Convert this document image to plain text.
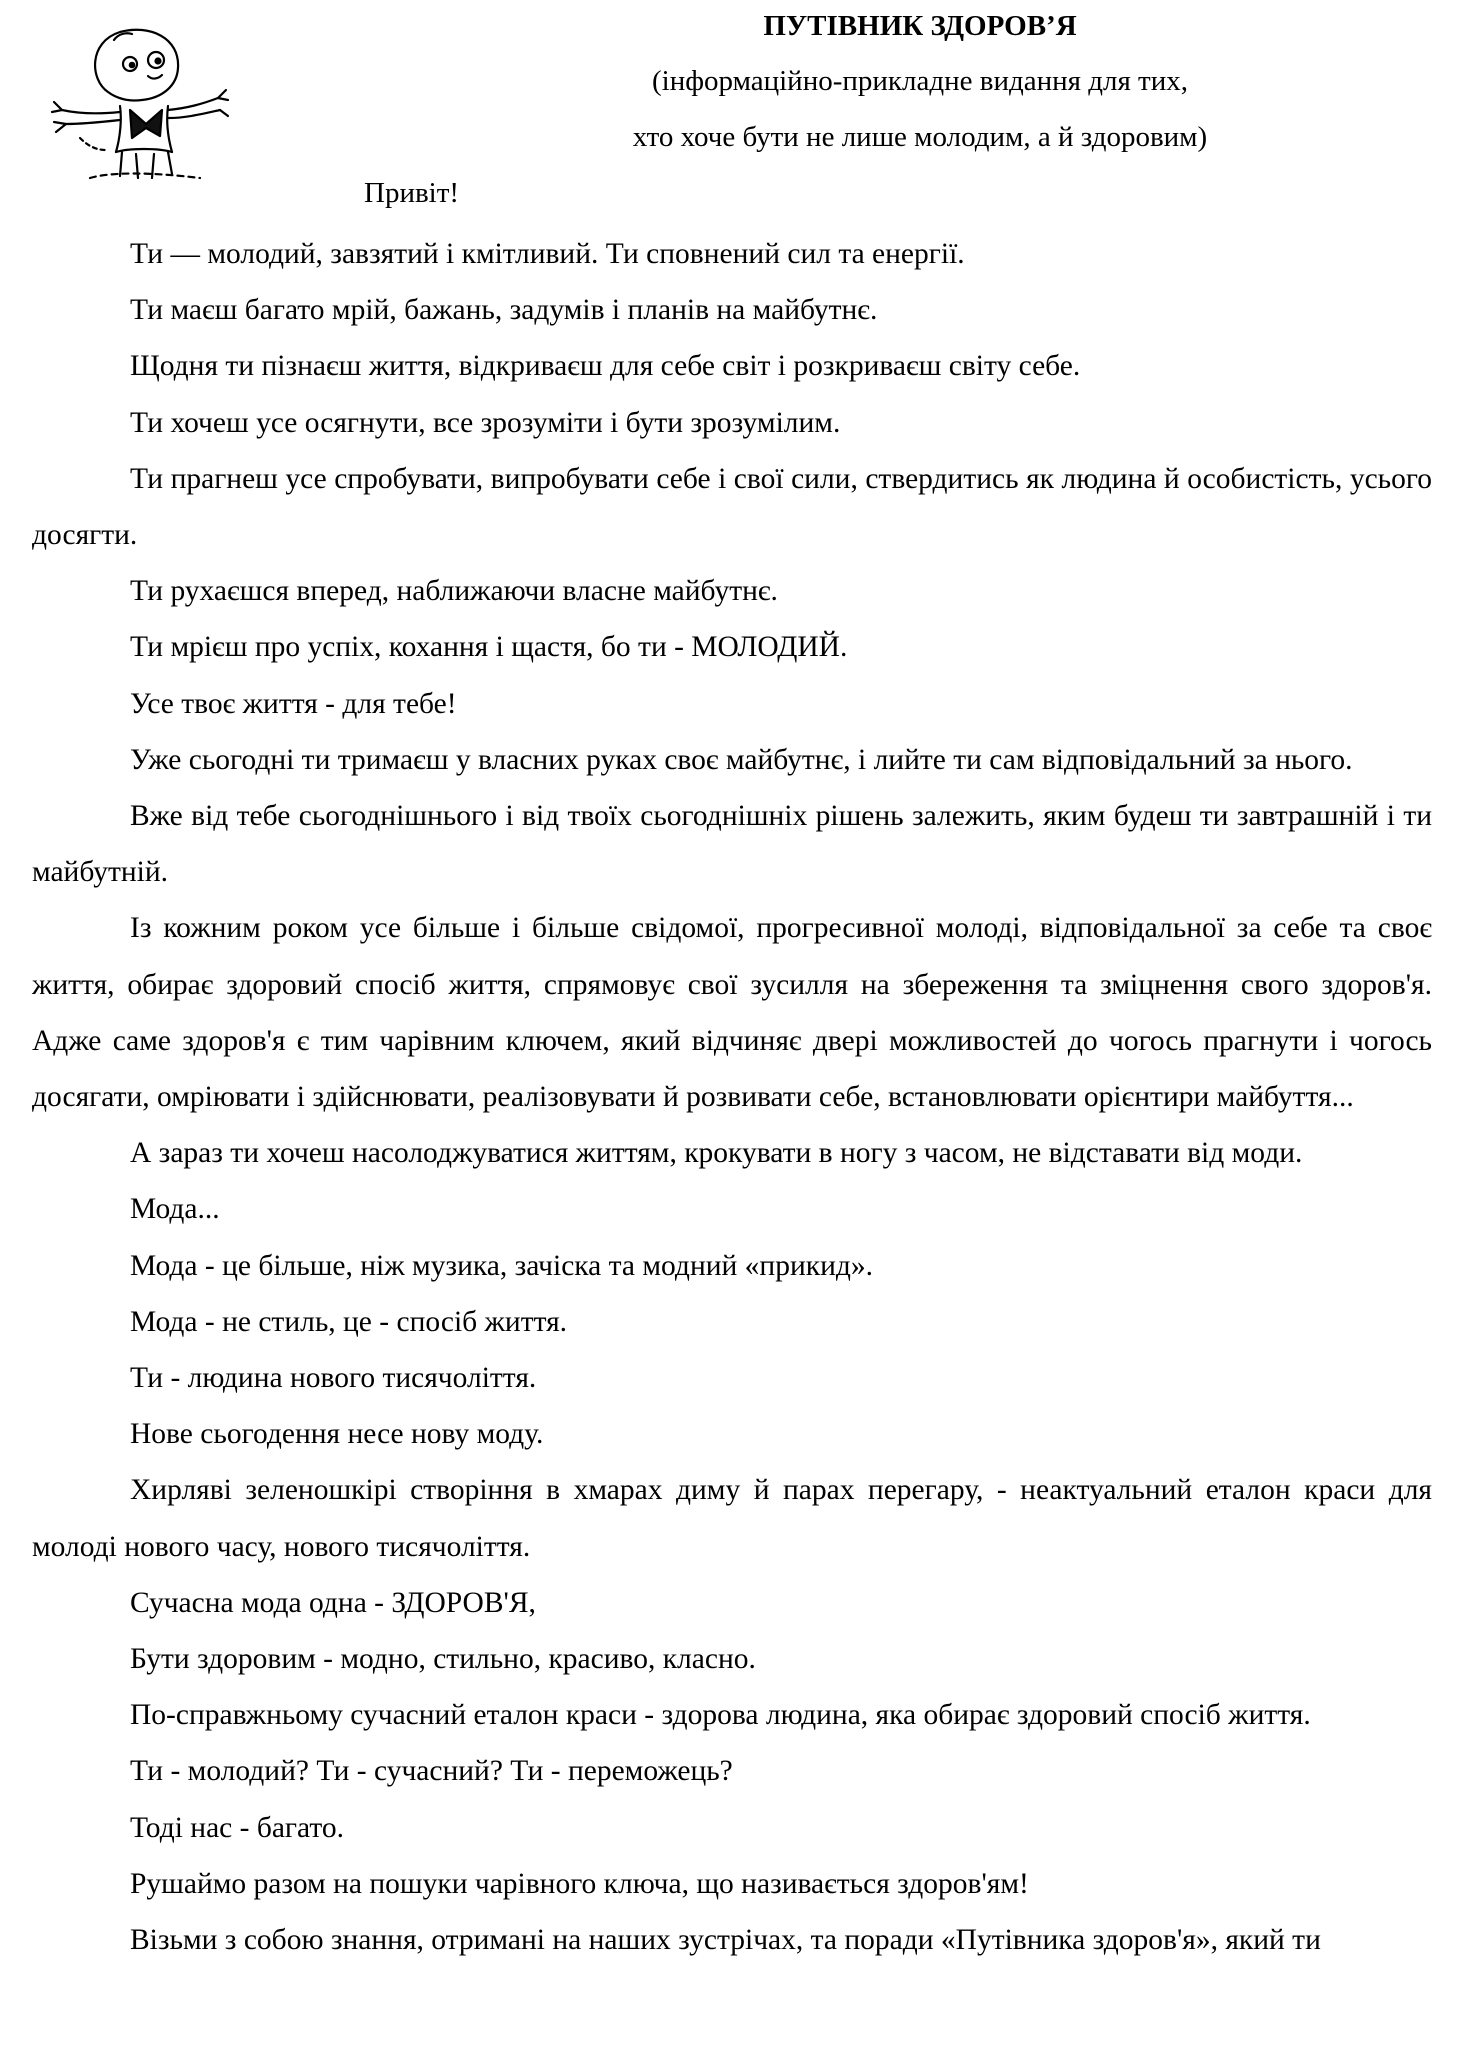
ПУТІВНИК ЗДОРОВ’Я

(інформаційно-прикладне видання для тих,

хто хоче бути не лише молодим, а й здоровим)

Привіт!

Ти — молодий, завзятий і кмітливий. Ти сповнений сил та енергії.

Ти маєш багато мрій, бажань, задумів і планів на майбутнє.

Щодня ти пізнаєш життя, відкриваєш для себе світ і розкриваєш світу себе.

Ти хочеш усе осягнути, все зрозуміти і бути зрозумілим.

Ти прагнеш усе спробувати, випробувати себе і свої сили, ствердитись як людина й особистість, усього досягти.

Ти рухаєшся вперед, наближаючи власне майбутнє.

Ти мрієш про успіх, кохання і щастя, бо ти - МОЛОДИЙ.

Усе твоє життя - для тебе!

Уже сьогодні ти тримаєш у власних руках своє майбутнє, і лийте ти сам відповідальний за нього.

Вже від тебе сьогоднішнього і від твоїх сьогоднішніх рішень залежить, яким будеш ти завтрашній і ти майбутній.

Із кожним роком усе більше і більше свідомої, прогресивної молоді, відповідальної за себе та своє життя, обирає здоровий спосіб життя, спрямовує свої зусилля на збереження та зміцнення свого здоров'я. Адже саме здоров'я є тим чарівним ключем, який відчиняє двері можливостей до чогось прагнути і чогось досягати, омріювати і здійснювати, реалізовувати й розвивати себе, встановлювати орієнтири майбуття...

А зараз ти хочеш насолоджуватися життям, крокувати в ногу з часом, не відставати від моди.

Мода...

Мода - це більше, ніж музика, зачіска та модний «прикид».

Мода - не стиль, це - спосіб життя.

Ти - людина нового тисячоліття.

Нове сьогодення несе нову моду.

Хирляві зеленошкірі створіння в хмарах диму й парах перегару, - неактуальний еталон краси для молоді нового часу, нового тисячоліття.

Сучасна мода одна - ЗДОРОВ'Я,

Бути здоровим - модно, стильно, красиво, класно.

По-справжньому сучасний еталон краси - здорова людина, яка обирає здоровий спосіб життя.

Ти - молодий? Ти - сучасний? Ти - переможець?

Тоді нас - багато.

Рушаймо разом на пошуки чарівного ключа, що називається здоров'ям!

Візьми з собою знання, отримані на наших зустрічах, та поради «Путівника здоров'я», який ти
